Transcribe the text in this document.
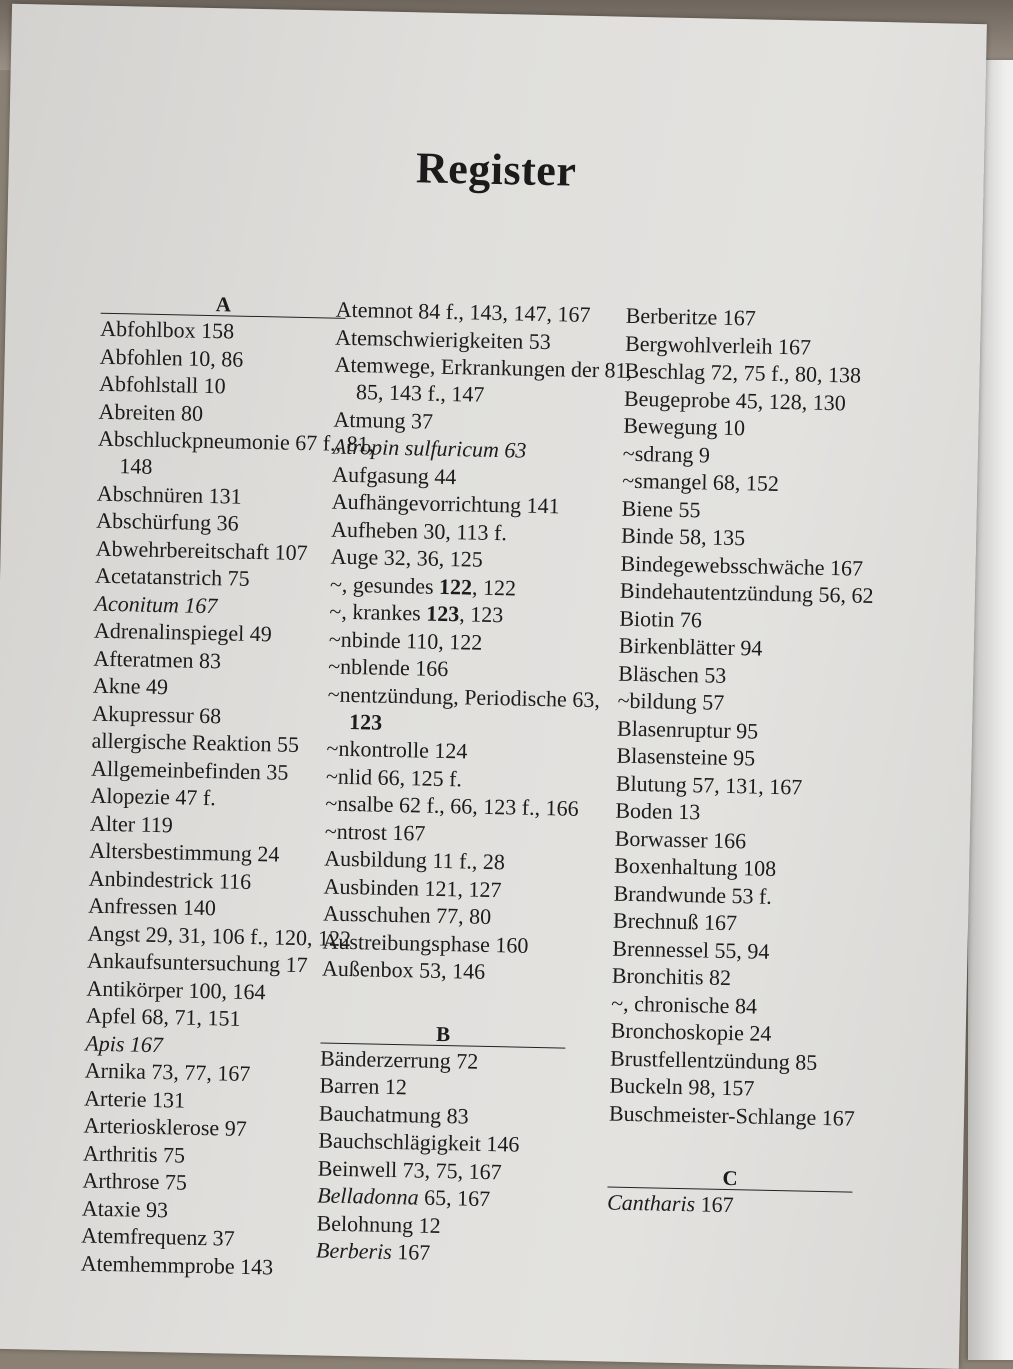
Register
A
Abfohlbox 158
Abfohlen 10, 86
Abfohlstall 10
Abreiten 80
Abschluckpneumonie 67 f., 81, 148
Abschnüren 131
Abschürfung 36
Abwehrbereitschaft 107
Acetatanstrich 75
Aconitum 167
Adrenalinspiegel 49
Afteratmen 83
Akne 49
Akupressur 68
allergische Reaktion 55
Allgemeinbefinden 35
Alopezie 47 f.
Alter 119
Altersbestimmung 24
Anbindestrick 116
Anfressen 140
Angst 29, 31, 106 f., 120, 122
Ankaufsuntersuchung 17
Antikörper 100, 164
Apfel 68, 71, 151
Apis 167
Arnika 73, 77, 167
Arterie 131
Arteriosklerose 97
Arthritis 75
Arthrose 75
Ataxie 93
Atemfrequenz 37
Atemhemmprobe 143
Atemnot 84 f., 143, 147, 167
Atemschwierigkeiten 53
Atemwege, Erkrankungen der 81, 85, 143 f., 147
Atmung 37
Atropin sulfuricum 63
Aufgasung 44
Aufhängevorrichtung 141
Aufheben 30, 113 f.
Auge 32, 36, 125
~, gesundes 122, 122
~, krankes 123, 123
~nbinde 110, 122
~nblende 166
~nentzündung, Periodische 63, 123
~nkontrolle 124
~nlid 66, 125 f.
~nsalbe 62 f., 66, 123 f., 166
~ntrost 167
Ausbildung 11 f., 28
Ausbinden 121, 127
Ausschuhen 77, 80
Austreibungsphase 160
Außenbox 53, 146
B
Bänderzerrung 72
Barren 12
Bauchatmung 83
Bauchschlägigkeit 146
Beinwell 73, 75, 167
Belladonna 65, 167
Belohnung 12
Berberis 167
Berberitze 167
Bergwohlverleih 167
Beschlag 72, 75 f., 80, 138
Beugeprobe 45, 128, 130
Bewegung 10
~sdrang 9
~smangel 68, 152
Biene 55
Binde 58, 135
Bindegewebsschwäche 167
Bindehautentzündung 56, 62
Biotin 76
Birkenblätter 94
Bläschen 53
~bildung 57
Blasenruptur 95
Blasensteine 95
Blutung 57, 131, 167
Boden 13
Borwasser 166
Boxenhaltung 108
Brandwunde 53 f.
Brechnuß 167
Brennessel 55, 94
Bronchitis 82
~, chronische 84
Bronchoskopie 24
Brustfellentzündung 85
Buckeln 98, 157
Buschmeister-Schlange 167
C
Cantharis 167
